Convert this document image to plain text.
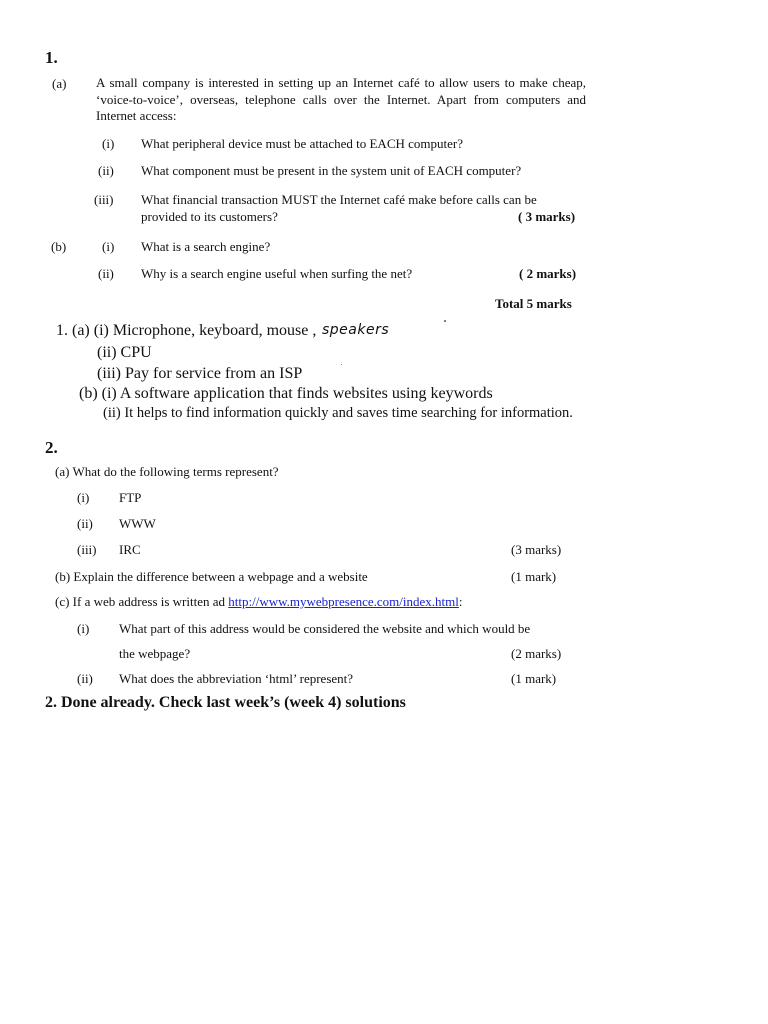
1.
(a) A small company is interested in setting up an Internet café to allow users to make cheap, ‘voice-to-voice’, overseas, telephone calls over the Internet. Apart from computers and Internet access:
(i) What peripheral device must be attached to EACH computer?
(ii) What component must be present in the system unit of EACH computer?
(iii) What financial transaction MUST the Internet café make before calls can be
provided to its customers?	( 3 marks)
(b)	(i) What is a search engine?
(ii) Why is a search engine useful when surfing the net?	( 2 marks)
Total 5 marks
1. (a) (i) Microphone, keyboard, mouse , speakers
(ii) CPU
(iii) Pay for service from an ISP
(b) (i) A software application that finds websites using keywords
(ii) It helps to find information quickly and saves time searching for information.
2.
(a) What do the following terms represent?
(i) FTP
(ii) WWW
(iii) IRC	(3 marks)
(b) Explain the difference between a webpage and a website	(1 mark)
(c) If a web address is written ad http://www.mywebpresence.com/index.html:
(i) What part of this address would be considered the website and which would be
the webpage?	(2 marks)
(ii) What does the abbreviation ‘html’ represent?	(1 mark)
2. Done already. Check last week’s (week 4) solutions
